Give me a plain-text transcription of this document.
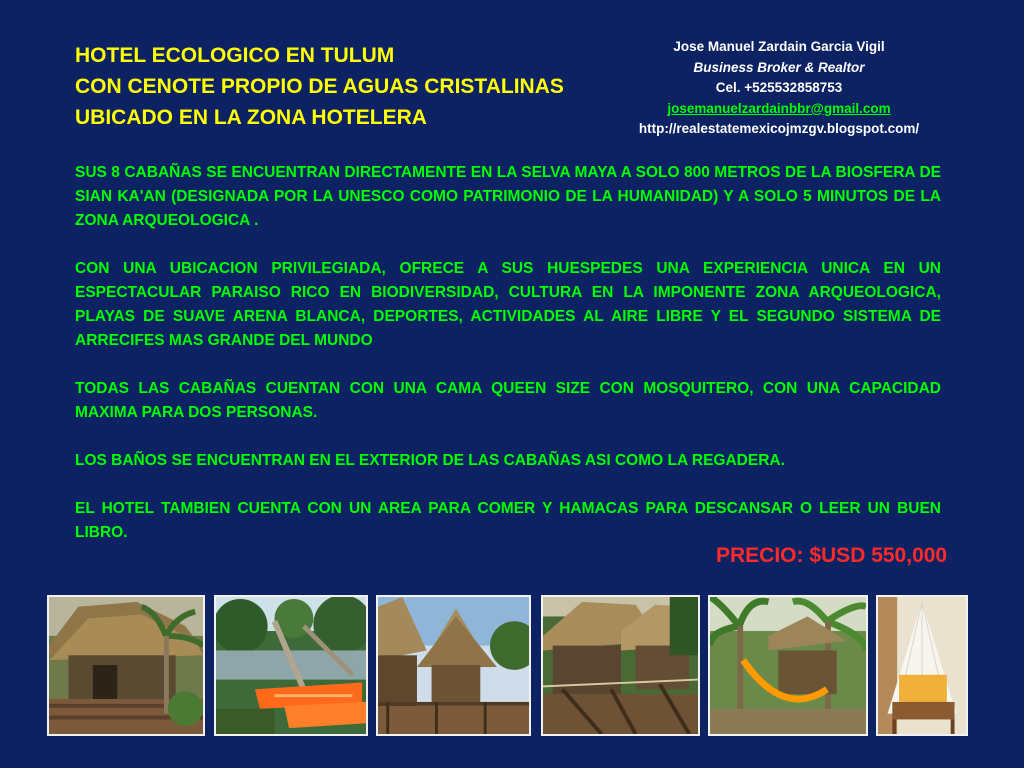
HOTEL ECOLOGICO EN TULUM
CON CENOTE PROPIO DE AGUAS CRISTALINAS
UBICADO EN LA ZONA HOTELERA
Jose Manuel Zardain Garcia Vigil
Business Broker & Realtor
Cel. +525532858753
josemanuelzardainbbr@gmail.com
http://realestatemexicojmzgv.blogspot.com/

SUS 8 CABAÑAS SE ENCUENTRAN DIRECTAMENTE EN LA SELVA MAYA A SOLO 800 METROS DE LA BIOSFERA DE SIAN KA'AN (DESIGNADA POR LA UNESCO COMO PATRIMONIO DE LA HUMANIDAD) Y A SOLO 5 MINUTOS DE LA ZONA ARQUEOLOGICA .

CON UNA UBICACION PRIVILEGIADA, OFRECE A SUS HUESPEDES UNA EXPERIENCIA UNICA EN UN ESPECTACULAR PARAISO RICO EN BIODIVERSIDAD, CULTURA EN LA IMPONENTE ZONA ARQUEOLOGICA, PLAYAS DE SUAVE ARENA BLANCA, DEPORTES, ACTIVIDADES AL AIRE LIBRE Y EL SEGUNDO SISTEMA DE ARRECIFES MAS GRANDE DEL MUNDO

TODAS LAS CABAÑAS CUENTAN CON UNA CAMA QUEEN SIZE CON MOSQUITERO, CON UNA CAPACIDAD MAXIMA PARA DOS PERSONAS.

LOS BAÑOS SE ENCUENTRAN EN EL EXTERIOR DE LAS CABAÑAS ASI COMO LA REGADERA.

EL HOTEL TAMBIEN CUENTA CON UN AREA PARA COMER Y HAMACAS PARA DESCANSAR O LEER UN BUEN LIBRO.

PRECIO: $USD 550,000
